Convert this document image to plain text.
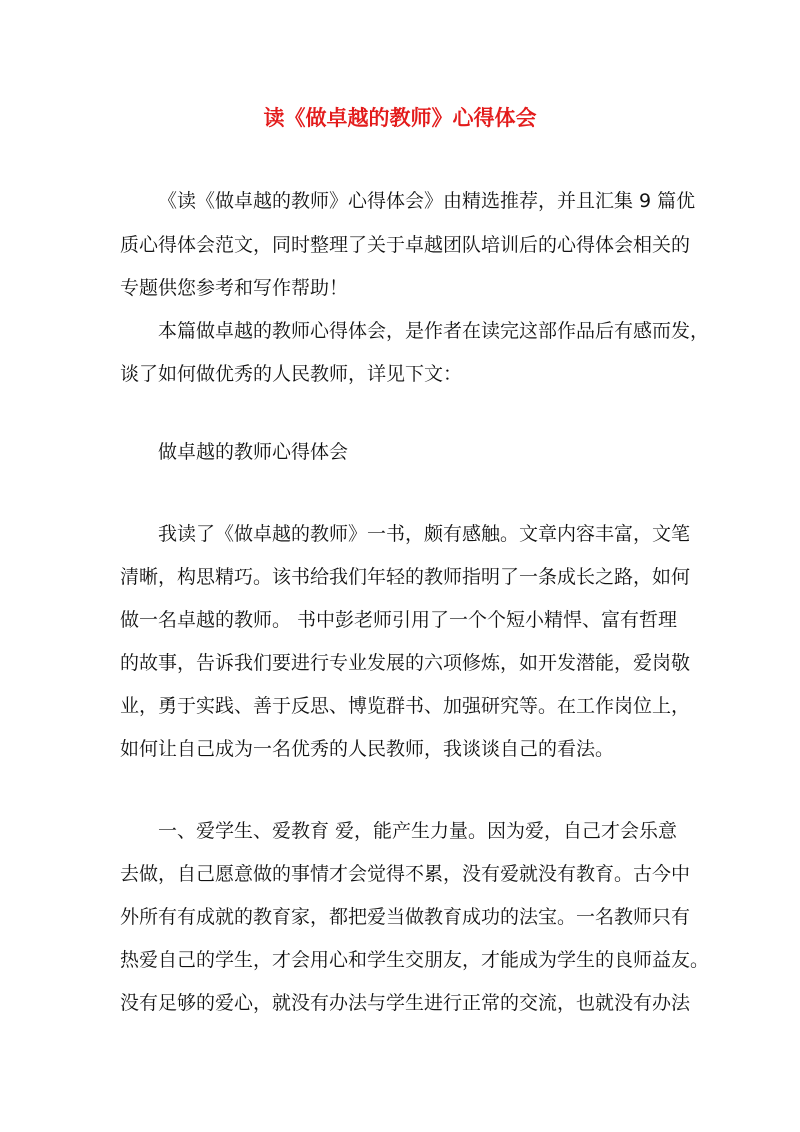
读《做卓越的教师》心得体会
《读《做卓越的教师》心得体会》由精选推荐，并且汇集 9 篇优
质心得体会范文，同时整理了关于卓越团队培训后的心得体会相关的
专题供您参考和写作帮助！
本篇做卓越的教师心得体会，是作者在读完这部作品后有感而发，
谈了如何做优秀的人民教师，详见下文：
做卓越的教师心得体会
我读了《做卓越的教师》一书，颇有感触。文章内容丰富，文笔
清晰，构思精巧。该书给我们年轻的教师指明了一条成长之路，如何
做一名卓越的教师。 书中彭老师引用了一个个短小精悍、富有哲理
的故事，告诉我们要进行专业发展的六项修炼，如开发潜能，爱岗敬
业，勇于实践、善于反思、博览群书、加强研究等。在工作岗位上，
如何让自己成为一名优秀的人民教师，我谈谈自己的看法。
一、爱学生、爱教育 爱，能产生力量。因为爱，自己才会乐意
去做，自己愿意做的事情才会觉得不累，没有爱就没有教育。古今中
外所有有成就的教育家，都把爱当做教育成功的法宝。一名教师只有
热爱自己的学生，才会用心和学生交朋友，才能成为学生的良师益友。
没有足够的爱心，就没有办法与学生进行正常的交流，也就没有办法
